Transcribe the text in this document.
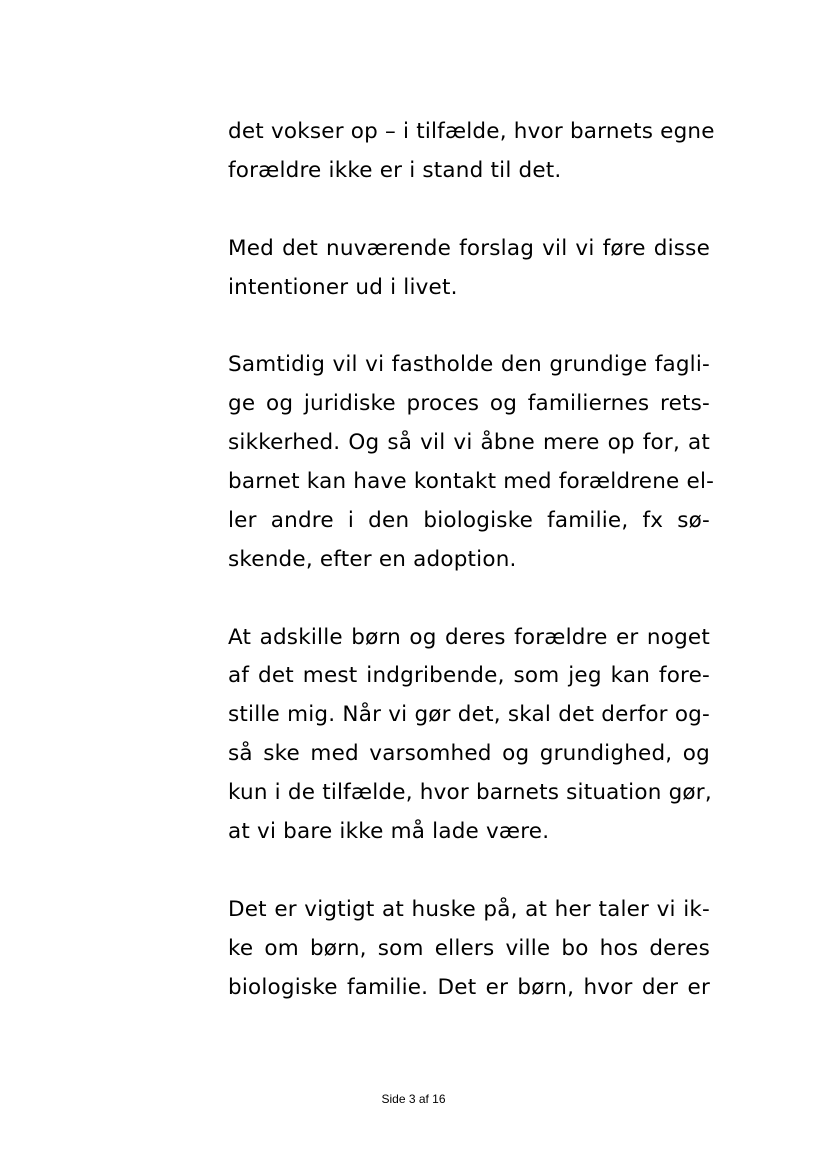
det vokser op – i tilfælde, hvor barnets egne
forældre ikke er i stand til det.
Med det nuværende forslag vil vi føre disse
intentioner ud i livet.
Samtidig vil vi fastholde den grundige fagli-
ge og juridiske proces og familiernes rets-
sikkerhed. Og så vil vi åbne mere op for, at
barnet kan have kontakt med forældrene el-
ler andre i den biologiske familie, fx sø-
skende, efter en adoption.
At adskille børn og deres forældre er noget
af det mest indgribende, som jeg kan fore-
stille mig. Når vi gør det, skal det derfor og-
så ske med varsomhed og grundighed, og
kun i de tilfælde, hvor barnets situation gør,
at vi bare ikke må lade være.
Det er vigtigt at huske på, at her taler vi ik-
ke om børn, som ellers ville bo hos deres
biologiske familie. Det er børn, hvor der er
Side 3 af 16
